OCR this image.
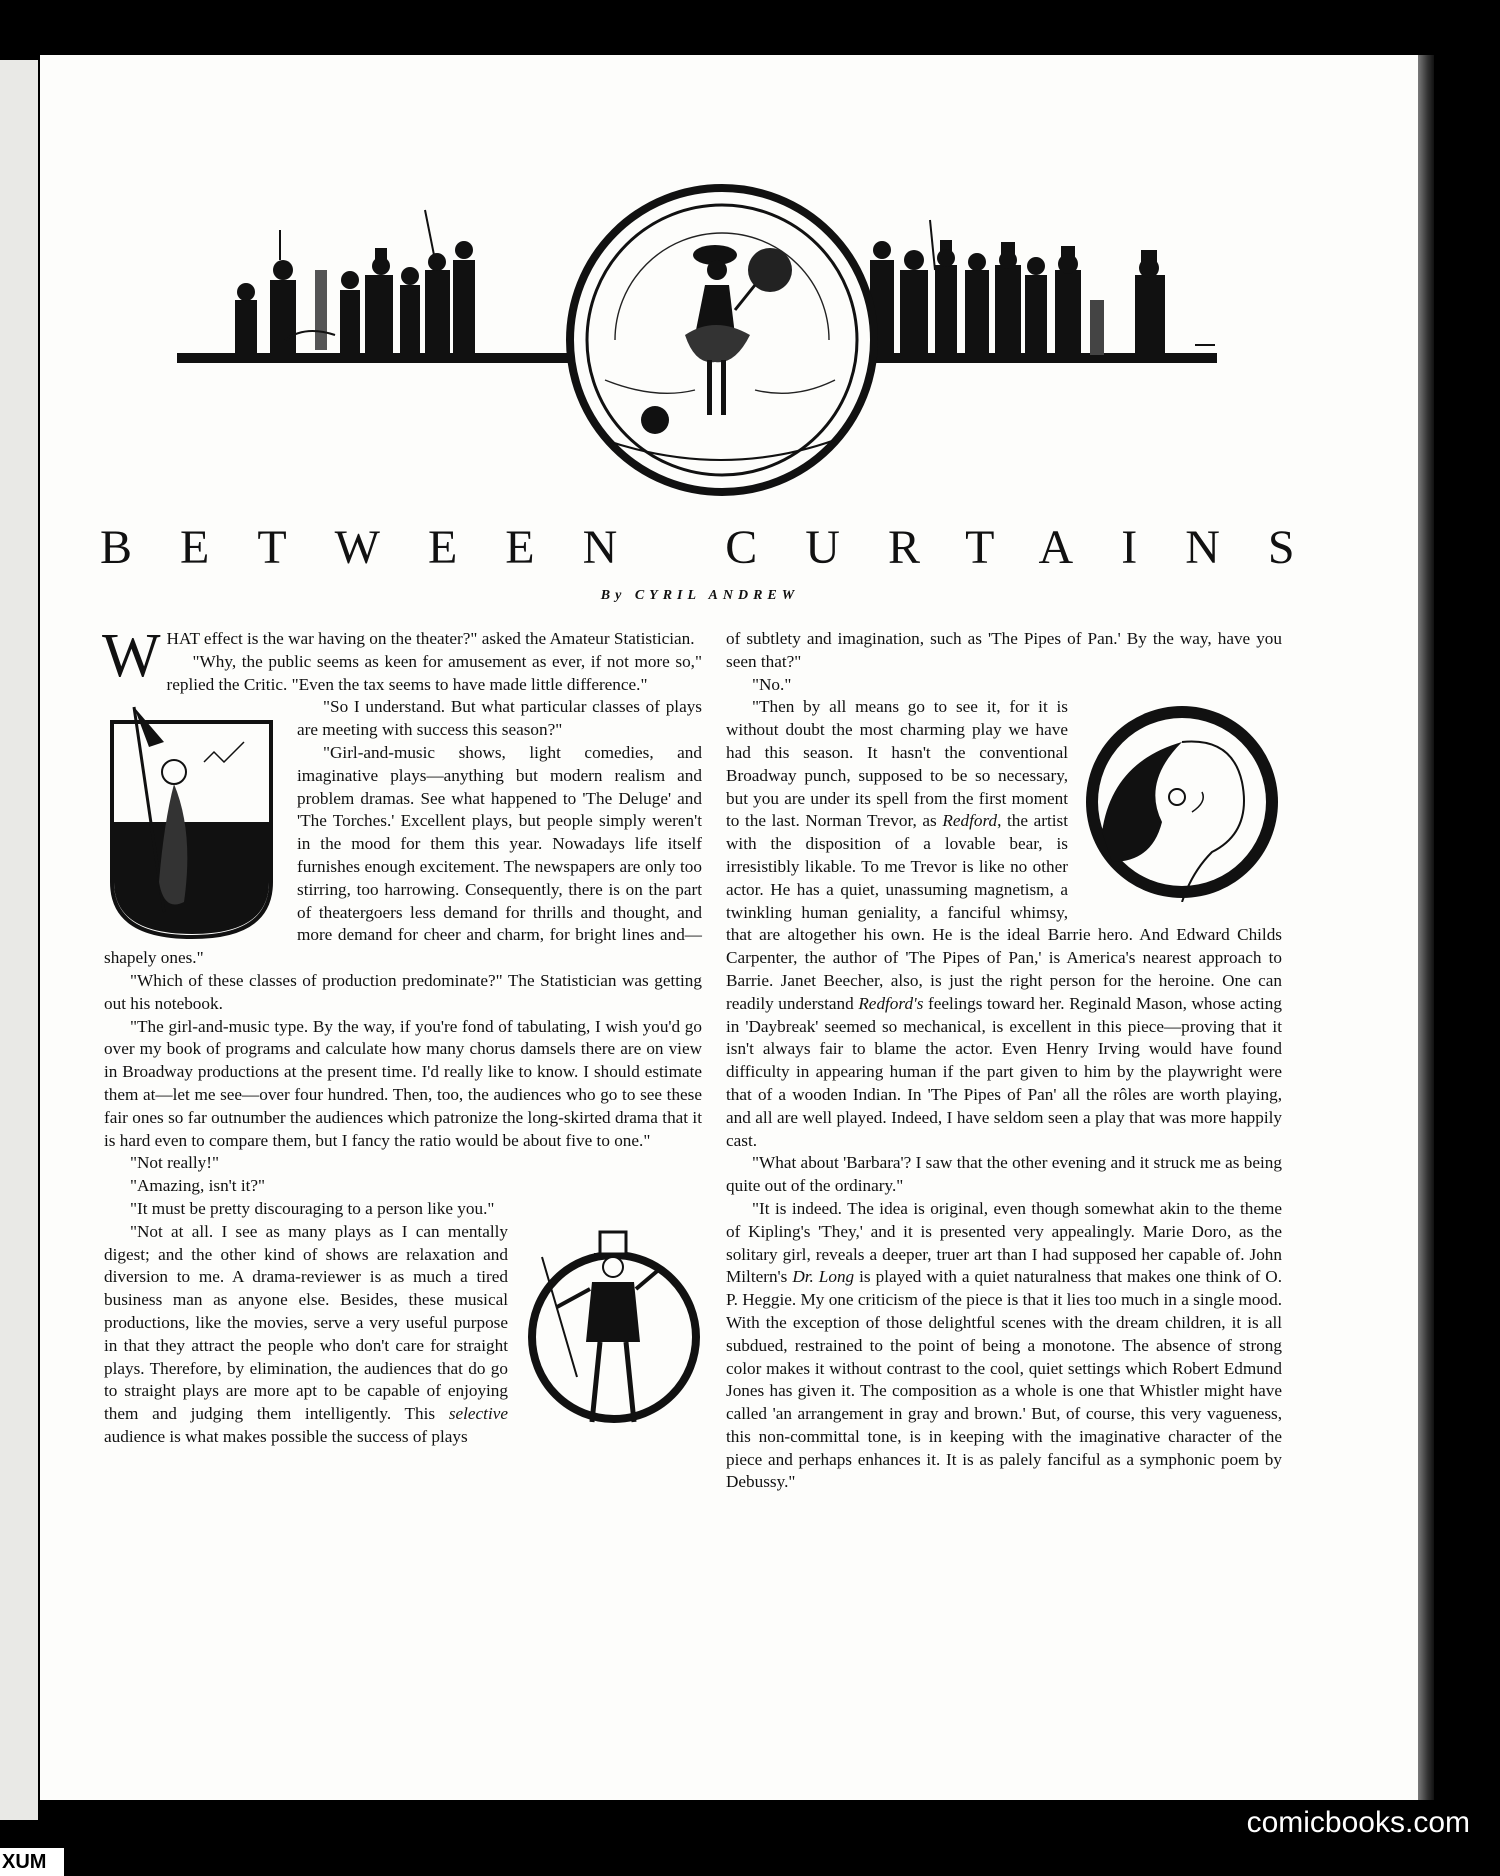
BETWEEN CURTAINS
By CYRIL ANDREW

WHAT effect is the war having on the theater?" asked the Amateur Statistician.

"Why, the public seems as keen for amusement as ever, if not more so," replied the Critic. "Even the tax seems to have made little difference."

"So I understand. But what particular classes of plays are meeting with success this season?"

"Girl-and-music shows, light comedies, and imaginative plays—anything but modern realism and problem dramas. See what happened to 'The Deluge' and 'The Torches.' Excellent plays, but people simply weren't in the mood for them this year. Nowadays life itself furnishes enough excitement. The newspapers are only too stirring, too harrowing. Consequently, there is on the part of theatergoers less demand for thrills and thought, and more demand for cheer and charm, for bright lines and—shapely ones."

"Which of these classes of production predominate?" The Statistician was getting out his notebook.

"The girl-and-music type. By the way, if you're fond of tabulating, I wish you'd go over my book of programs and calculate how many chorus damsels there are on view in Broadway productions at the present time. I'd really like to know. I should estimate them at—let me see—over four hundred. Then, too, the audiences who go to see these fair ones so far outnumber the audiences which patronize the long-skirted drama that it is hard even to compare them, but I fancy the ratio would be about five to one."

"Not really!"

"Amazing, isn't it?"

"It must be pretty discouraging to a person like you."

"Not at all. I see as many plays as I can mentally digest; and the other kind of shows are relaxation and diversion to me. A drama-reviewer is as much a tired business man as anyone else. Besides, these musical productions, like the movies, serve a very useful purpose in that they attract the people who don't care for straight plays. Therefore, by elimination, the audiences that do go to straight plays are more apt to be capable of enjoying them and judging them intelligently. This selective audience is what makes possible the success of plays

of subtlety and imagination, such as 'The Pipes of Pan.' By the way, have you seen that?"

"No."

"Then by all means go to see it, for it is without doubt the most charming play we have had this season. It hasn't the conventional Broadway punch, supposed to be so necessary, but you are under its spell from the first moment to the last. Norman Trevor, as Redford, the artist with the disposition of a lovable bear, is irresistibly likable. To me Trevor is like no other actor. He has a quiet, unassuming magnetism, a twinkling human geniality, a fanciful whimsy, that are altogether his own. He is the ideal Barrie hero. And Edward Childs Carpenter, the author of 'The Pipes of Pan,' is America's nearest approach to Barrie. Janet Beecher, also, is just the right person for the heroine. One can readily understand Redford's feelings toward her. Reginald Mason, whose acting in 'Daybreak' seemed so mechanical, is excellent in this piece—proving that it isn't always fair to blame the actor. Even Henry Irving would have found difficulty in appearing human if the part given to him by the playwright were that of a wooden Indian. In 'The Pipes of Pan' all the rôles are worth playing, and all are well played. Indeed, I have seldom seen a play that was more happily cast.

"What about 'Barbara'? I saw that the other evening and it struck me as being quite out of the ordinary."

"It is indeed. The idea is original, even though somewhat akin to the theme of Kipling's 'They,' and it is presented very appealingly. Marie Doro, as the solitary girl, reveals a deeper, truer art than I had supposed her capable of. John Miltern's Dr. Long is played with a quiet naturalness that makes one think of O. P. Heggie. My one criticism of the piece is that it lies too much in a single mood. With the exception of those delightful scenes with the dream children, it is all subdued, restrained to the point of being a monotone. The absence of strong color makes it without contrast to the cool, quiet settings which Robert Edmund Jones has given it. The composition as a whole is one that Whistler might have called 'an arrangement in gray and brown.' But, of course, this very vagueness, this non-committal tone, is in keeping with the imaginative character of the piece and perhaps enhances it. It is as palely fanciful as a symphonic poem by Debussy."

comicbooks.com
XUM
